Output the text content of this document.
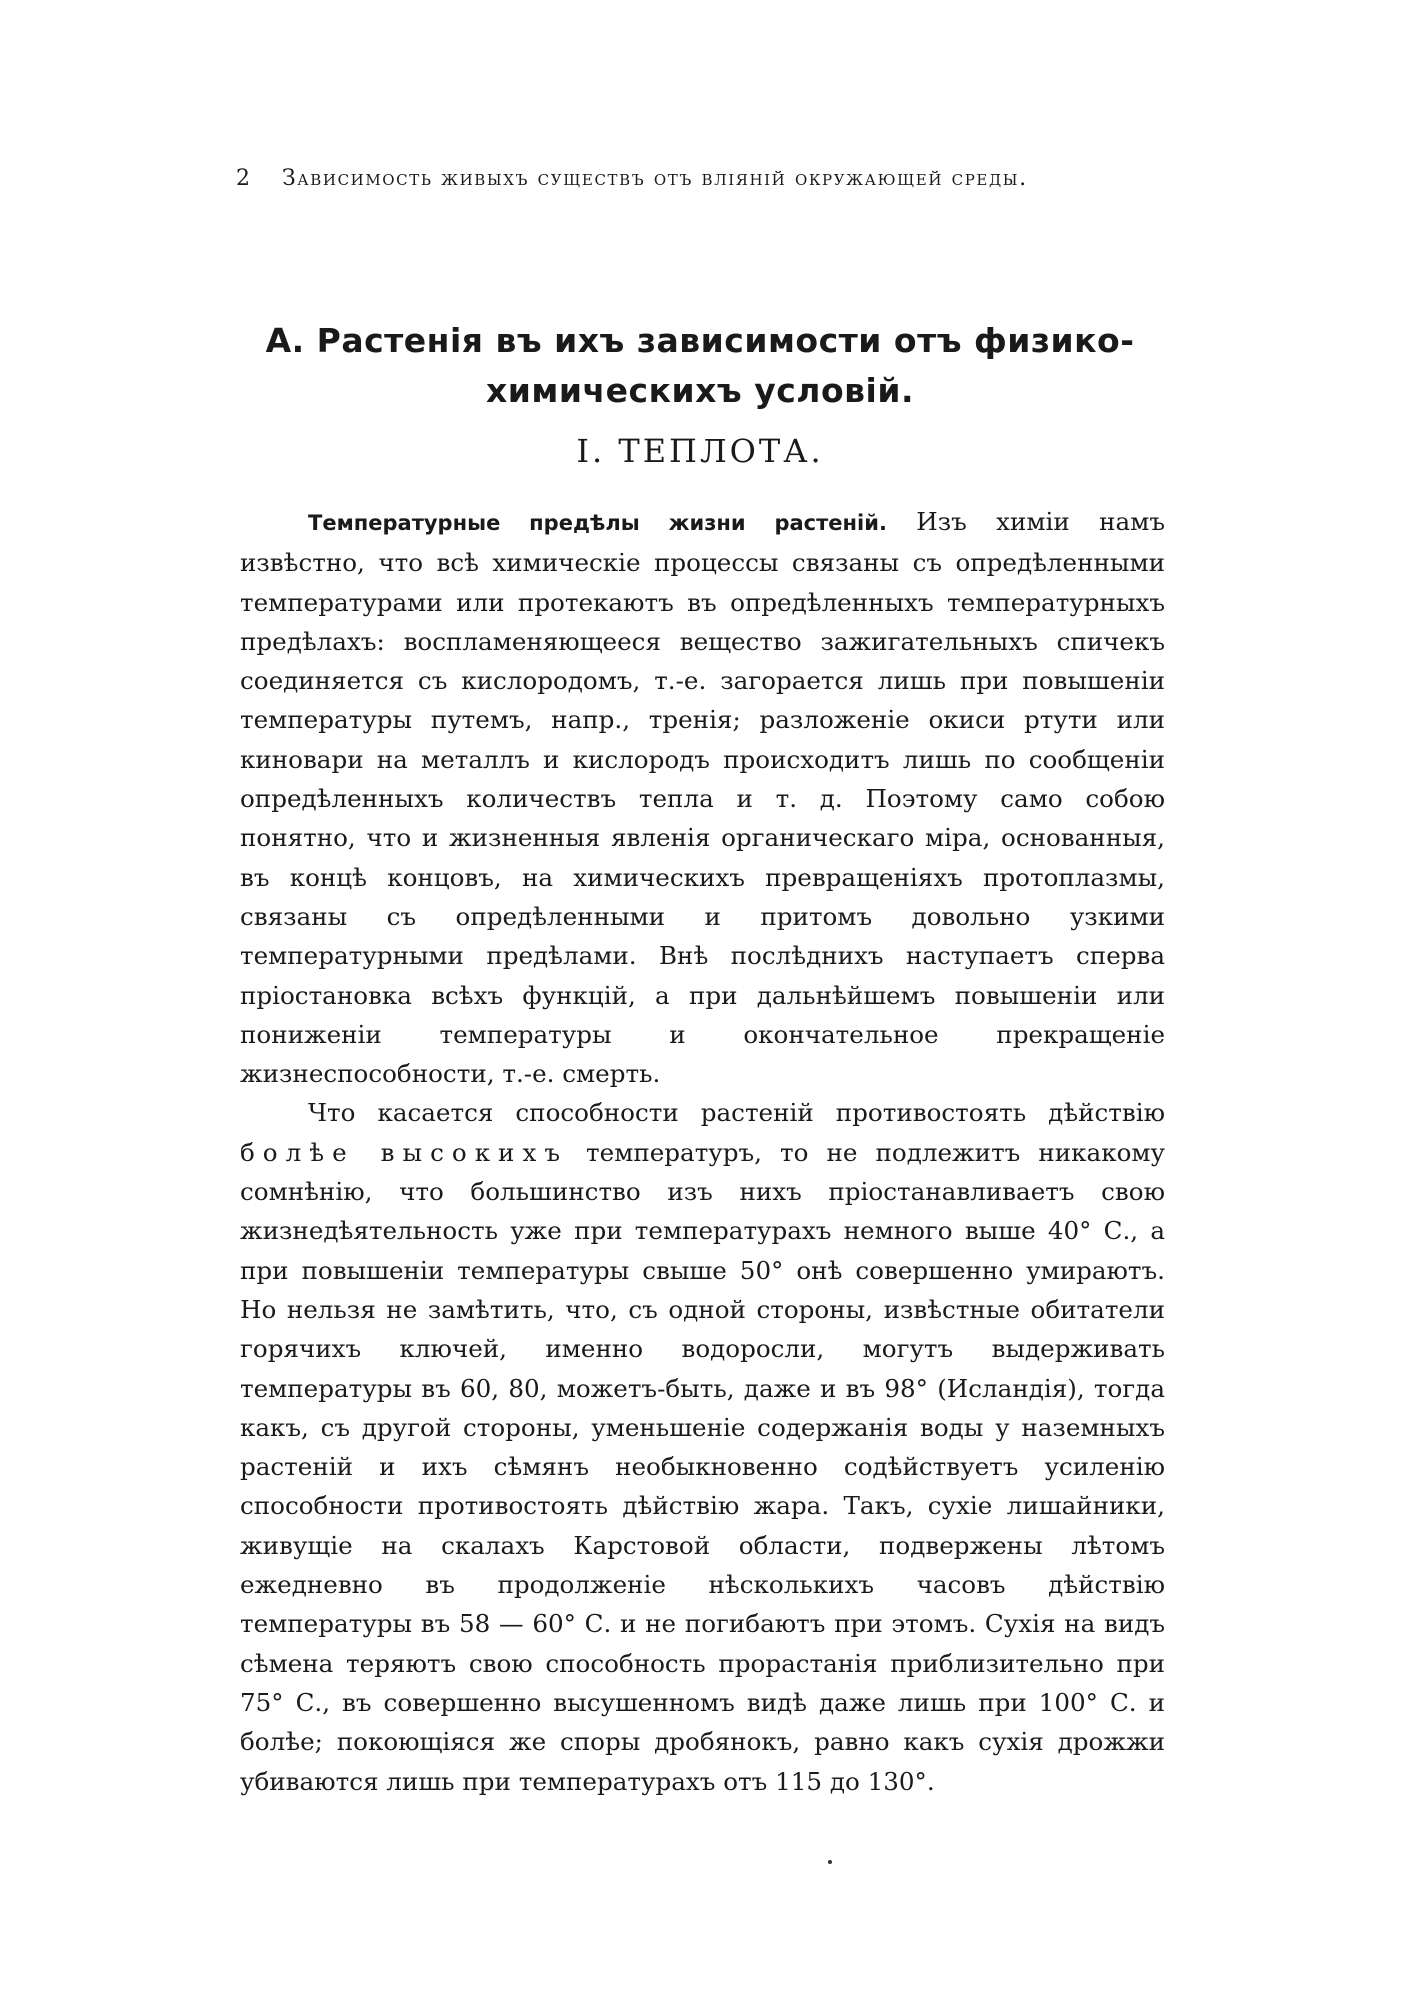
2 Зависимость живыхъ существъ отъ вліяній окружающей среды.
А. Растенія въ ихъ зависимости отъ физико-химическихъ условій.
I. ТЕПЛОТА.

Температурные предѣлы жизни растеній. Изъ химіи намъ извѣстно, что всѣ химическіе процессы связаны съ опредѣленными температурами или протекаютъ въ опредѣленныхъ температурныхъ предѣлахъ: воспламеняющееся вещество зажигательныхъ спичекъ соединяется съ кислородомъ, т.-е. загорается лишь при повышеніи температуры путемъ, напр., тренія; разложеніе окиси ртути или киновари на металлъ и кислородъ происходитъ лишь по сообщеніи опредѣленныхъ количествъ тепла и т. д. Поэтому само собою понятно, что и жизненныя явленія органическаго міра, основанныя, въ концѣ концовъ, на химическихъ превращеніяхъ протоплазмы, связаны съ опредѣленными и притомъ довольно узкими температурными предѣлами. Внѣ послѣднихъ наступаетъ сперва пріостановка всѣхъ функцій, а при дальнѣйшемъ повышеніи или пониженіи температуры и окончательное прекращеніе жизнеспособности, т.-е. смерть.

Что касается способности растеній противостоять дѣйствію болѣе высокихъ температуръ, то не подлежитъ никакому сомнѣнію, что большинство изъ нихъ пріостанавливаетъ свою жизнедѣятельность уже при температурахъ немного выше 40° С., а при повышеніи температуры свыше 50° онѣ совершенно умираютъ. Но нельзя не замѣтить, что, съ одной стороны, извѣстные обитатели горячихъ ключей, именно водоросли, могутъ выдерживать температуры въ 60, 80, можетъ-быть, даже и въ 98° (Исландія), тогда какъ, съ другой стороны, уменьшеніе содержанія воды у наземныхъ растеній и ихъ сѣмянъ необыкновенно содѣйствуетъ усиленію способности противостоять дѣйствію жара. Такъ, сухіе лишайники, живущіе на скалахъ Карстовой области, подвержены лѣтомъ ежедневно въ продолженіе нѣсколькихъ часовъ дѣйствію температуры въ 58 — 60° С. и не погибаютъ при этомъ. Сухія на видъ сѣмена теряютъ свою способность прорастанія приблизительно при 75° С., въ совершенно высушенномъ видѣ даже лишь при 100° С. и болѣе; покоющіяся же споры дробянокъ, равно какъ сухія дрожжи убиваются лишь при температурахъ отъ 115 до 130°.
